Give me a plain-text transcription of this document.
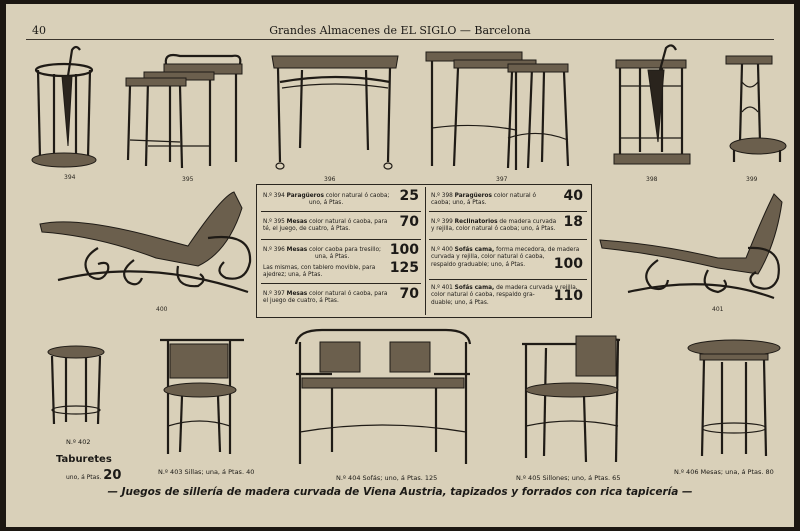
40	Grandes Almacenes de EL SIGLO — Barcelona
394	395	396	397	398	399
400	401
N.º 394 Paragüeros color natural ó caoba;
uno, á Ptas.	25
N.º 395 Mesas color natural ó caoba, para
té, el juego, de cuatro, á Ptas.	70
N.º 396 Mesas color caoba para tresillo;
una, á Ptas.	100
Las mismas, con tablero movible, para
ajedrez; una, á Ptas.	125
N.º 397 Mesas color natural ó caoba, para
el juego de cuatro, á Ptas.	70
N.º 398 Paragüeros color natural ó
caoba; uno, á Ptas.	40
N.º 399 Reclinatorios de madera curvada
y rejilla, color natural ó caoba; uno, á Ptas. 18
N.º 400 Sofás cama, forma mecedora, de madera curvada y rejilla, color natural ó caoba,
respaldo graduable; uno, á Ptas. 100
N.º 401 Sofás cama, de madera curvada y rejilla, color natural ó caoba, respaldo gra-
duable; uno, á Ptas.	110
N.º 402
Taburetes
uno, á Ptas. 20	N.º 403 Sillas; una, á Ptas. 40
N.º 404 Sofás; uno, á Ptas. 125	N.º 405 Sillones; uno, á Ptas. 65
N.º 406 Mesas; una, á Ptas. 80
— Juegos de sillería de madera curvada de Viena Austria, tapizados y forrados con rica tapicería —
